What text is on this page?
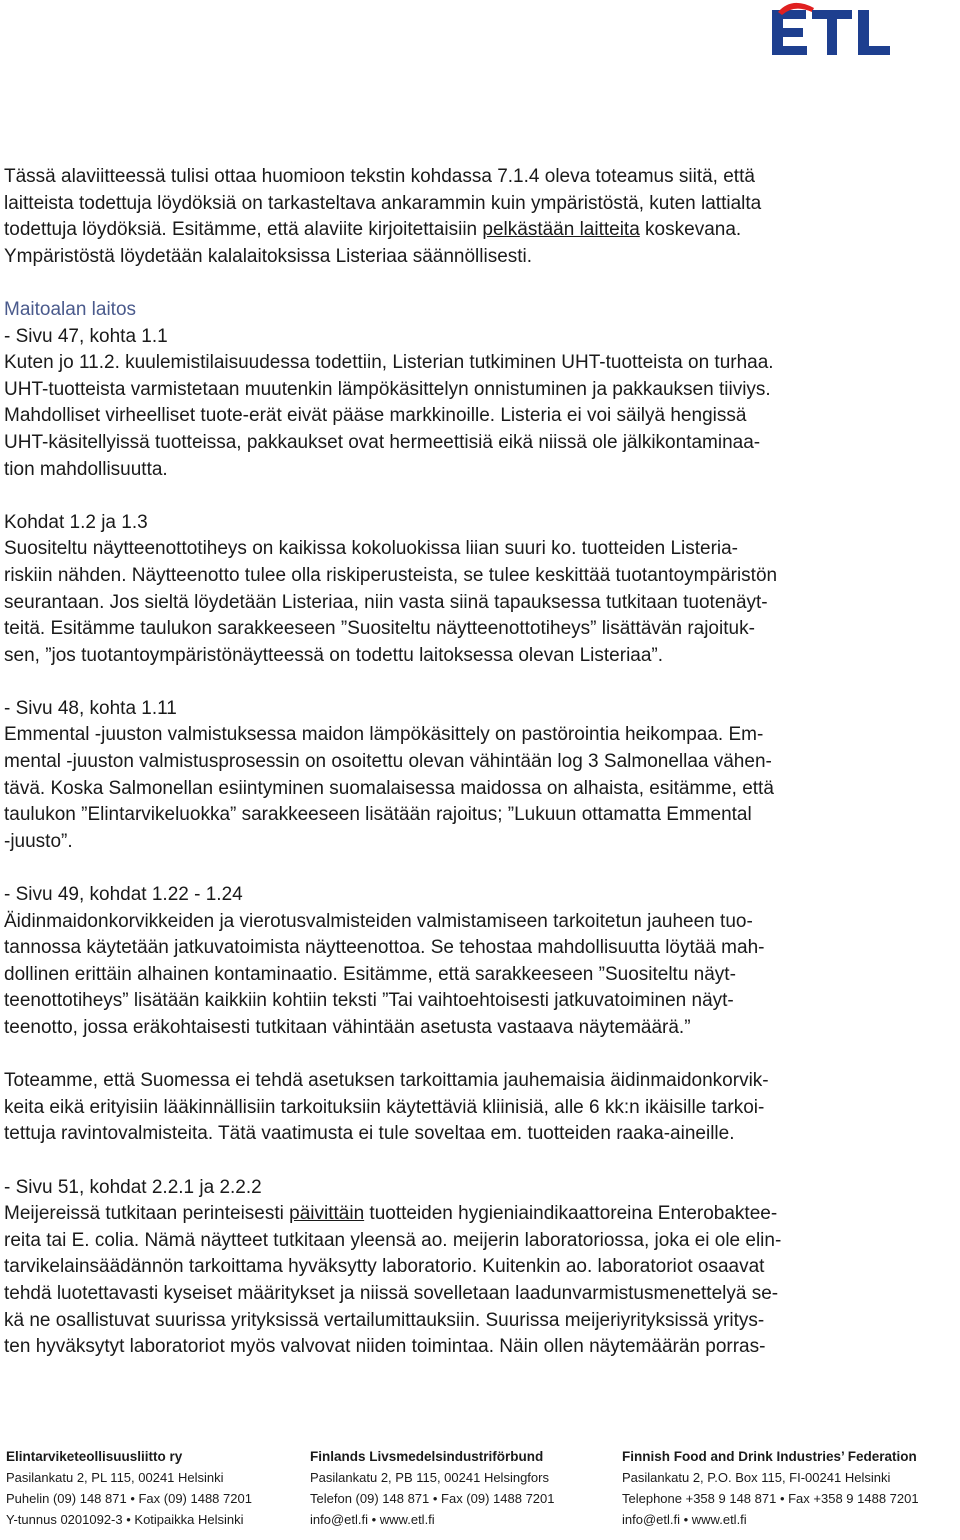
Tässä alaviitteessä tulisi ottaa huomioon tekstin kohdassa 7.1.4 oleva toteamus siitä, että
laitteista todettuja löydöksiä on tarkasteltava ankarammin kuin ympäristöstä, kuten lattialta
todettuja löydöksiä. Esitämme, että alaviite kirjoitettaisiin pelkästään laitteita koskevana.
Ympäristöstä löydetään kalalaitoksissa Listeriaa säännöllisesti.
Maitoalan laitos
- Sivu 47, kohta 1.1
Kuten jo 11.2. kuulemistilaisuudessa todettiin, Listerian tutkiminen UHT-tuotteista on turhaa.
UHT-tuotteista varmistetaan muutenkin lämpökäsittelyn onnistuminen ja pakkauksen tiiviys.
Mahdolliset virheelliset tuote-erät eivät pääse markkinoille. Listeria ei voi säilyä hengissä
UHT-käsitellyissä tuotteissa, pakkaukset ovat hermeettisiä eikä niissä ole jälkikontaminaa-
tion mahdollisuutta.
Kohdat 1.2 ja 1.3
Suositeltu näytteenottotiheys on kaikissa kokoluokissa liian suuri ko. tuotteiden Listeria-
riskiin nähden. Näytteenotto tulee olla riskiperusteista, se tulee keskittää tuotantoympäristön
seurantaan. Jos sieltä löydetään Listeriaa, niin vasta siinä tapauksessa tutkitaan tuotenäyt-
teitä. Esitämme taulukon sarakkeeseen ”Suositeltu näytteenottotiheys” lisättävän rajoituk-
sen, ”jos tuotantoympäristönäytteessä on todettu laitoksessa olevan Listeriaa”.
- Sivu 48, kohta 1.11
Emmental -juuston valmistuksessa maidon lämpökäsittely on pastörointia heikompaa. Em-
mental -juuston valmistusprosessin on osoitettu olevan vähintään log 3 Salmonellaa vähen-
tävä. Koska Salmonellan esiintyminen suomalaisessa maidossa on alhaista, esitämme, että
taulukon ”Elintarvikeluokka” sarakkeeseen lisätään rajoitus; ”Lukuun ottamatta Emmental
-juusto”.
- Sivu 49, kohdat 1.22 - 1.24
Äidinmaidonkorvikkeiden ja vierotusvalmisteiden valmistamiseen tarkoitetun jauheen tuo-
tannossa käytetään jatkuvatoimista näytteenottoa. Se tehostaa mahdollisuutta löytää mah-
dollinen erittäin alhainen kontaminaatio. Esitämme, että sarakkeeseen ”Suositeltu näyt-
teenottotiheys” lisätään kaikkiin kohtiin teksti ”Tai vaihtoehtoisesti jatkuvatoiminen näyt-
teenotto, jossa eräkohtaisesti tutkitaan vähintään asetusta vastaava näytemäärä.”
Toteamme, että Suomessa ei tehdä asetuksen tarkoittamia jauhemaisia äidinmaidonkorvik-
keita eikä erityisiin lääkinnällisiin tarkoituksiin käytettäviä kliinisiä, alle 6 kk:n ikäisille tarkoi-
tettuja ravintovalmisteita. Tätä vaatimusta ei tule soveltaa em. tuotteiden raaka-aineille.
- Sivu 51, kohdat 2.2.1 ja 2.2.2
Meijereissä tutkitaan perinteisesti päivittäin tuotteiden hygieniaindikaattoreina Enterobaktee-
reita tai E. colia. Nämä näytteet tutkitaan yleensä ao. meijerin laboratoriossa, joka ei ole elin-
tarvikelainsäädännön tarkoittama hyväksytty laboratorio. Kuitenkin ao. laboratoriot osaavat
tehdä luotettavasti kyseiset määritykset ja niissä sovelletaan laadunvarmistusmenettelyä se-
kä ne osallistuvat suurissa yrityksissä vertailumittauksiin. Suurissa meijeriyrityksissä yritys-
ten hyväksytyt laboratoriot myös valvovat niiden toimintaa. Näin ollen näytemäärän porras-
Elintarviketeollisuusliitto ry
Pasilankatu 2, PL 115, 00241 Helsinki
Puhelin (09) 148 871 • Fax (09) 1488 7201
Y-tunnus 0201092-3 • Kotipaikka Helsinki
Finlands Livsmedelsindustriförbund
Pasilankatu 2, PB 115, 00241 Helsingfors
Telefon (09) 148 871 • Fax (09) 1488 7201
info@etl.fi • www.etl.fi
Finnish Food and Drink Industries’ Federation
Pasilankatu 2, P.O. Box 115, FI-00241 Helsinki
Telephone +358 9 148 871 • Fax +358 9 1488 7201
info@etl.fi • www.etl.fi
